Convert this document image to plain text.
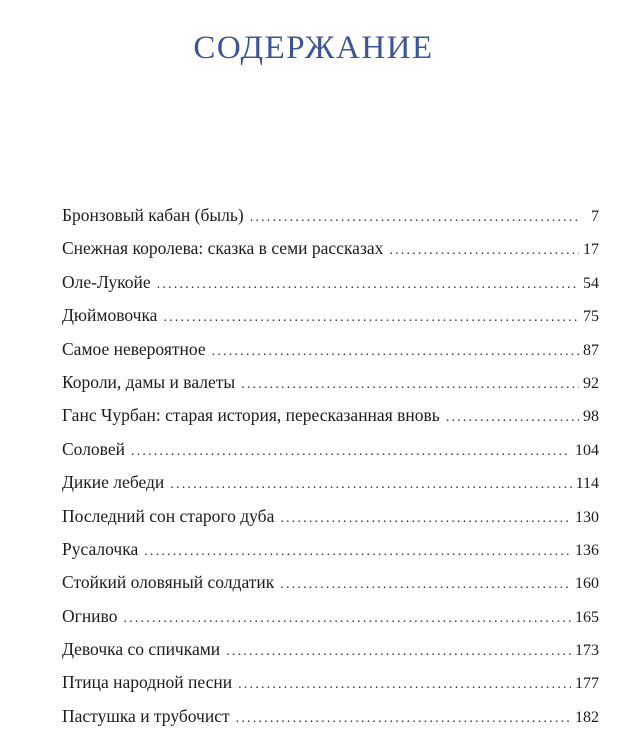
СОДЕРЖАНИЕ
Бронзовый кабан (быль) .....	7
Снежная королева: сказка в семи рассказах .....	17
Оле-Лукойе .....	54
Дюймовочка .....	75
Самое невероятное .....	87
Короли, дамы и валеты .....	92
Ганс Чурбан: старая история, пересказанная вновь .....	98
Соловей .....	104
Дикие лебеди .....	114
Последний сон старого дуба .....	130
Русалочка .....	136
Стойкий оловяный солдатик .....	160
Огниво .....	165
Девочка со спичками .....	173
Птица народной песни .....	177
Пастушка и трубочист .....	182
